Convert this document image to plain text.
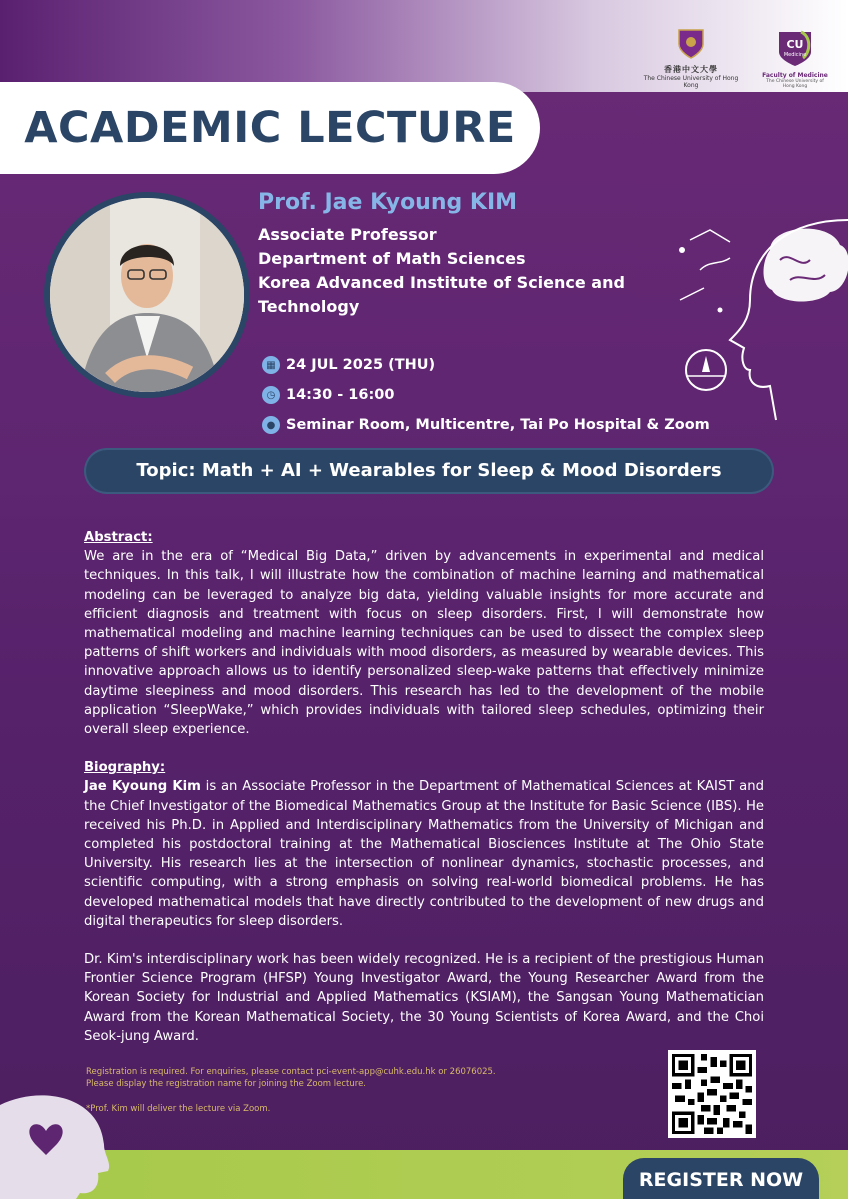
香港中文大學
The Chinese University of Hong Kong
CU
Medicine
Faculty of Medicine
The Chinese University of Hong Kong
ACADEMIC LECTURE
Prof. Jae Kyoung KIM
Associate Professor
Department of Math Sciences
Korea Advanced Institute of Science and Technology
▦ 24 JUL 2025 (THU)
◷ 14:30 - 16:00
● Seminar Room, Multicentre, Tai Po Hospital & Zoom
Topic: Math + AI + Wearables for Sleep & Mood Disorders
Abstract:

We are in the era of “Medical Big Data,” driven by advancements in experimental and medical techniques. In this talk, I will illustrate how the combination of machine learning and mathematical modeling can be leveraged to analyze big data, yielding valuable insights for more accurate and efficient diagnosis and treatment with focus on sleep disorders. First, I will demonstrate how mathematical modeling and machine learning techniques can be used to dissect the complex sleep patterns of shift workers and individuals with mood disorders, as measured by wearable devices. This innovative approach allows us to identify personalized sleep-wake patterns that effectively minimize daytime sleepiness and mood disorders. This research has led to the development of the mobile application “SleepWake,” which provides individuals with tailored sleep schedules, optimizing their overall sleep experience.

Biography:

Jae Kyoung Kim is an Associate Professor in the Department of Mathematical Sciences at KAIST and the Chief Investigator of the Biomedical Mathematics Group at the Institute for Basic Science (IBS). He received his Ph.D. in Applied and Interdisciplinary Mathematics from the University of Michigan and completed his postdoctoral training at the Mathematical Biosciences Institute at The Ohio State University. His research lies at the intersection of nonlinear dynamics, stochastic processes, and scientific computing, with a strong emphasis on solving real-world biomedical problems. He has developed mathematical models that have directly contributed to the development of new drugs and digital therapeutics for sleep disorders.

Dr. Kim's interdisciplinary work has been widely recognized. He is a recipient of the prestigious Human Frontier Science Program (HFSP) Young Investigator Award, the Young Researcher Award from the Korean Society for Industrial and Applied Mathematics (KSIAM), the Sangsan Young Mathematician Award from the Korean Mathematical Society, the 30 Young Scientists of Korea Award, and the Choi Seok-jung Award.

Registration is required. For enquiries, please contact pci-event-app@cuhk.edu.hk or 26076025.
Please display the registration name for joining the Zoom lecture.
*Prof. Kim will deliver the lecture via Zoom.
REGISTER NOW
